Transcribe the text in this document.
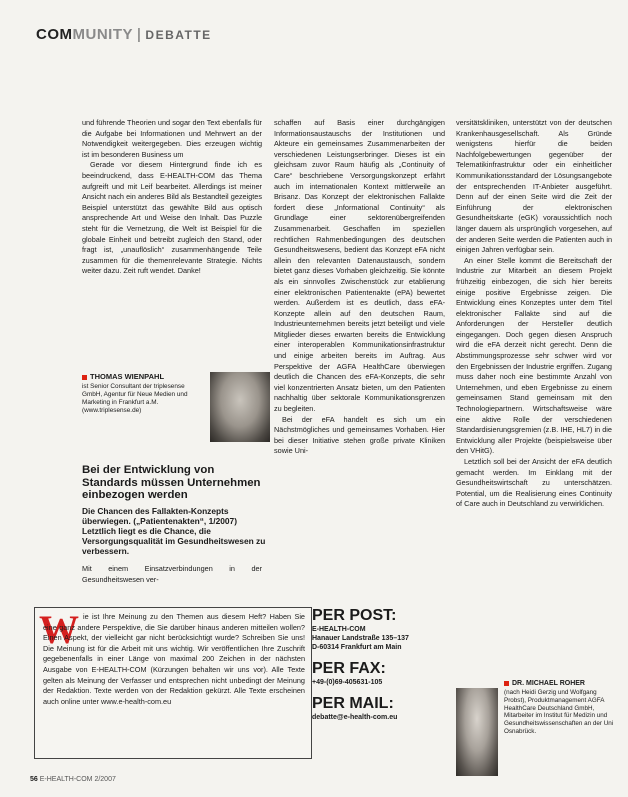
COMMUNITY | DEBATTE

und führende Theorien und sogar den Text ebenfalls für die Aufgabe bei Informationen und Mehrwert an der Notwendigkeit weitergegeben. Dies erzeugen wichtig ist im besonderen Business um

Gerade vor diesem Hintergrund finde ich es beeindruckend, dass E-HEALTH-COM das Thema aufgreift und mit Leif bearbeitet. Allerdings ist meiner Ansicht nach ein anderes Bild als Bestandteil gezeigtes Beispiel unterstützt das gewählte Bild aus optisch ansprechende Art und Weise den Inhalt. Das Puzzle steht für die Vernetzung, die Welt ist Beispiel für die globale Einheit und betreibt zugleich den Stand, oder fragt ist, „unauflöslich“ zusammenhängende Teile zusammen für die themenrelevante Strategie. Nichts weiter dazu. Zeit ruft wendet. Danke!

THOMAS WIENPAHL
ist Senior Consultant der triplesense GmbH, Agentur für Neue Medien und Marketing in Frankfurt a.M. (www.triplesense.de)
Bei der Entwicklung von Standards müssen Unternehmen einbezogen werden
Die Chancen des Fallakten-Konzepts überwiegen. („Patientenakten“, 1/2007) Letztlich liegt es die Chance, die Versorgungsqualität im Gesundheitswesen zu verbessern.

Mit einem Einsatzverbindungen in der Gesundheitswesen ver-

schaffen auf Basis einer durchgängigen Informationsaustauschs der Institutionen und Akteure ein gemeinsames Zusammenarbeiten der verschiedenen Leistungserbringer. Dieses ist ein gleichsam zuvor Raum häufig als „Continuity of Care“ beschriebene Versorgungskonzept erfährt auch im internationalen Kontext mittlerweile an Brisanz. Das Konzept der elektronischen Fallakte fordert diese „Informational Continuity“ als Grundlage einer sektorenübergreifenden Zusammenarbeit. Geschaffen im speziellen rechtlichen Rahmenbedingungen des deutschen Gesundheitswesens, bedient das Konzept eFA nicht allein den relevanten Datenaustausch, sondern bietet ganz dieses Vorhaben gleichzeitig. Sie könnte als ein sinnvolles Zwischenstück zur etablierung einer elektronischen Patientenakte (ePA) bewertet werden. Außerdem ist es deutlich, dass eFA-Konzepte allein auf den deutschen Raum, Industrieunternehmen bereits jetzt beteiligt und viele Mitglieder dieses erwarten bereits die Entwicklung einer interoperablen Kommunikationsinfrastruktur und einige arbeiten bereits im Auftrag. Aus Perspektive der AGFA HealthCare überwiegen deutlich die Chancen des eFA-Konzepts, die sehr viel konzentrierten Ansatz bieten, um den Patienten nachhaltig über sektorale Kommunikationsgrenzen zu begleiten.

Bei der eFA handelt es sich um ein Nächstmögliches und gemeinsames Vorhaben. Hier bei dieser Initiative stehen große private Kliniken sowie Uni-

versitätskliniken, unterstützt von der deutschen Krankenhausgesellschaft. Als Gründe wenigstens hierfür die beiden Nachfolgebewertungen gegenüber der Telematikinfrastruktur oder ein einheitlicher Kommunikationsstandard der Lösungsangebote der entsprechenden IT-Anbieter ausgeführt. Denn auf der einen Seite wird die Zeit der Einführung der elektronischen Gesundheitskarte (eGK) voraussichtlich noch länger dauern als ursprünglich vorgesehen, auf der anderen Seite werden die Patienten auch in einigen Jahren verfügbar sein.

An einer Stelle kommt die Bereitschaft der Industrie zur Mitarbeit an diesem Projekt frühzeitig einbezogen, die sich hier bereits einige positive Ergebnisse zeigen. Die Entwicklung eines Konzeptes unter dem Titel elektronischer Fallakte sind auf die Anforderungen der Hersteller deutlich eingegangen. Doch gegen diesen Anspruch wird die eFA derzeit nicht gerecht. Denn die Abstimmungsprozesse sehr schwer wird vor den Ergebnissen der Industrie ergriffen. Zugang muss daher noch eine bestimmte Anzahl von Unternehmen, und eben Ergebnisse zu einem gemeinsamen Stand gemeinsam mit den Technologiepartnern. Wirtschaftsweise wäre eine aktive Rolle der verschiedenen Standardisierungsgremien (z.B. IHE, HL7) in die Entwicklung aller Projekte (beispielsweise über den VHitG).

Letztlich soll bei der Ansicht der eFA deutlich gemacht werden. Im Einklang mit der Gesundheitswirtschaft zu unterschätzen. Potential, um die Realisierung eines Continuity of Care auch in Deutschland zu verwirklichen.

W ie ist Ihre Meinung zu den Themen aus diesem Heft? Haben Sie eine ganz andere Perspektive, die Sie darüber hinaus anderen mitteilen wollen? Einen Aspekt, der vielleicht gar nicht berücksichtigt wurde? Schreiben Sie uns! Die Meinung ist für die Arbeit mit uns wichtig. Wir veröffentlichen Ihre Zuschrift gegebenenfalls in einer Länge von maximal 200 Zeichen in der nächsten Ausgabe von E-HEALTH-COM (Kürzungen behalten wir uns vor). Alle Texte gelten als Meinung der Verfasser und entsprechen nicht unbedingt der Meinung der Redaktion. Texte werden von der Redaktion gekürzt. Alle Texte erscheinen auch online unter www.e-health-com.eu
PER POST:
E-HEALTH-COM
Hanauer Landstraße 135–137
D-60314 Frankfurt am Main
PER FAX:
+49-(0)69-405631-105
PER MAIL:
debatte@e-health-com.eu
DR. MICHAEL ROHER
(nach Heidi Gerzig und Wolfgang Probst), Produktmanagement AGFA HealthCare Deutschland GmbH, Mitarbeiter im Institut für Medizin und Gesundheitswissenschaften an der Uni Osnabrück.
56 E-HEALTH-COM 2/2007
